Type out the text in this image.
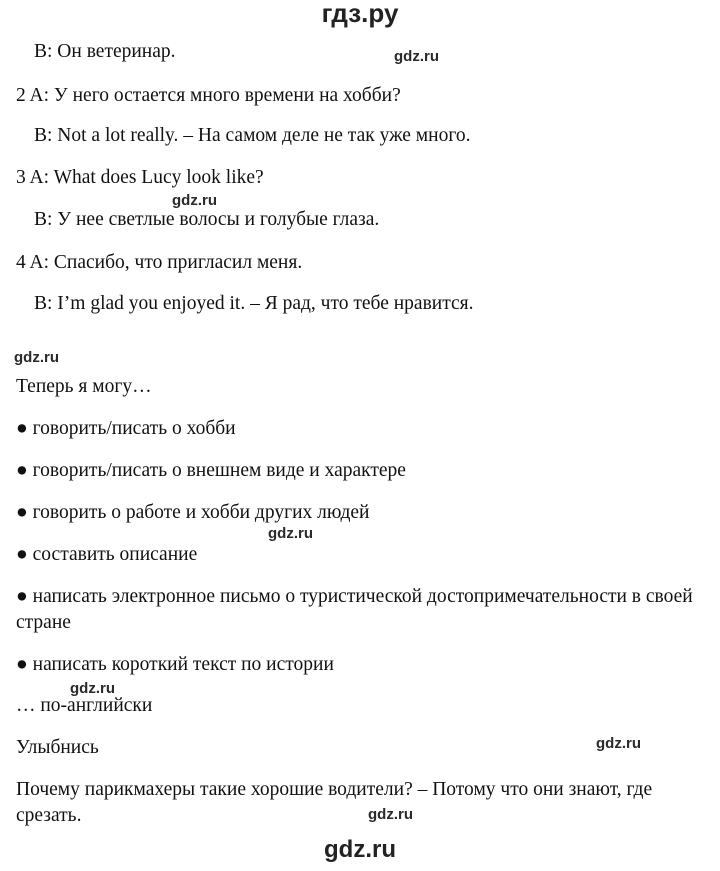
гдз.ру
B: Он ветеринар.
2 A: У него остается много времени на хобби?
B: Not a lot really. – На самом деле не так уже много.
3 A: What does Lucy look like?
B: У нее светлые волосы и голубые глаза.
4 A: Спасибо, что пригласил меня.
B: I’m glad you enjoyed it. – Я рад, что тебе нравится.
Теперь я могу…
● говорить/писать о хобби
● говорить/писать о внешнем виде и характере
● говорить о работе и хобби других людей
● составить описание
● написать электронное письмо о туристической достопримечательности в своей стране
● написать короткий текст по истории
… по-английски
Улыбнись
Почему парикмахеры такие хорошие водители? – Потому что они знают, где срезать.
gdz.ru
gdz.ru
gdz.ru
gdz.ru
gdz.ru
gdz.ru
gdz.ru
gdz.ru
